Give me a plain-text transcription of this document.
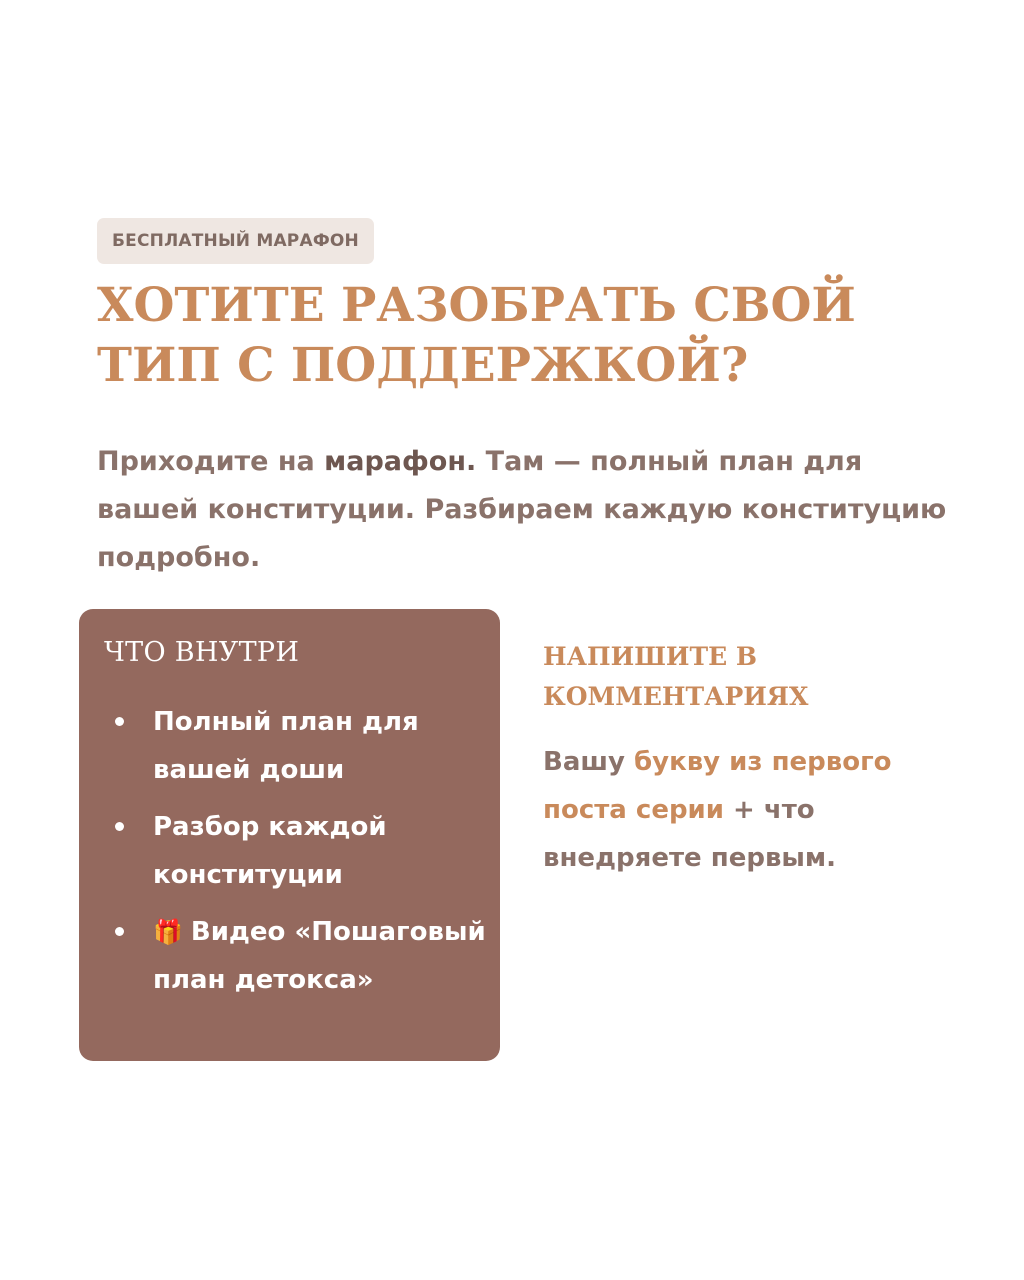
БЕСПЛАТНЫЙ МАРАФОН
ХОТИТЕ РАЗОБРАТЬ СВОЙ ТИП С ПОДДЕРЖКОЙ?

Приходите на марафон. Там — полный план для вашей конституции. Разбираем каждую конституцию подробно.

ЧТО ВНУТРИ
Полный план для вашей доши
Разбор каждой конституции
🎁 Видео «Пошаговый план детокса»
НАПИШИТЕ В КОММЕНТАРИЯХ

Вашу букву из первого поста серии + что внедряете первым.
